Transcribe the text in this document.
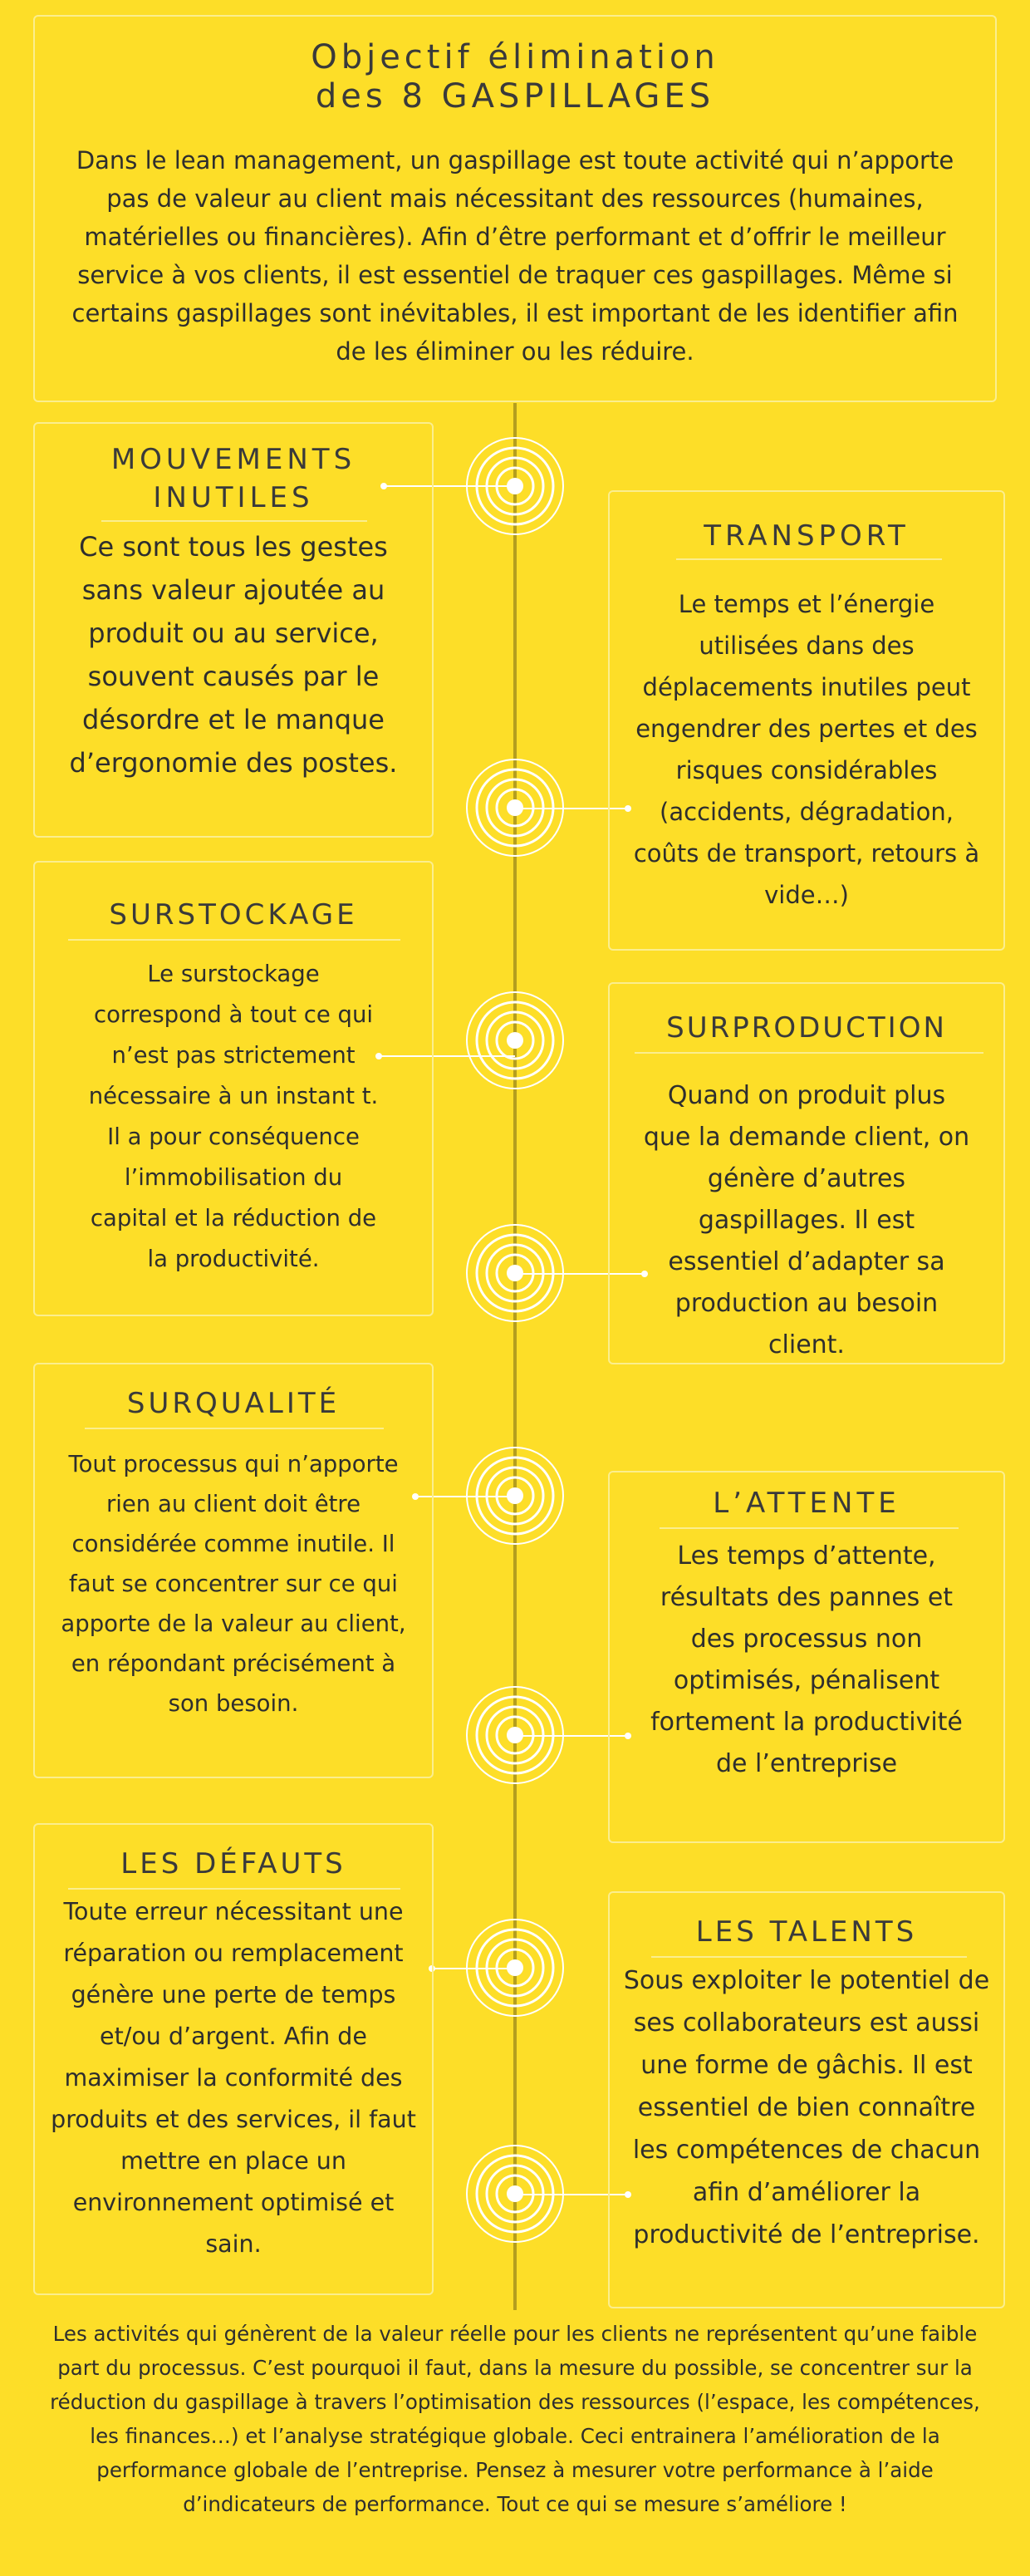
Objectif élimination
des 8 GASPILLAGES
Dans le lean management, un gaspillage est toute activité qui n’apporte pas de valeur au client mais nécessitant des ressources (humaines, matérielles ou financières). Afin d’être performant et d’offrir le meilleur service à vos clients, il est essentiel de traquer ces gaspillages. Même si certains gaspillages sont inévitables, il est important de les identifier afin de les éliminer ou les réduire.
MOUVEMENTS
INUTILES
Ce sont tous les gestes sans valeur ajoutée au produit ou au service, souvent causés par le désordre et le manque d’ergonomie des postes.
TRANSPORT
Le temps et l’énergie utilisées dans des déplacements inutiles peut engendrer des pertes et des risques considérables (accidents, dégradation, coûts de transport, retours à vide…)
SURSTOCKAGE
Le surstockage correspond à tout ce qui n’est pas strictement nécessaire à un instant t. Il a pour conséquence l’immobilisation du capital et la réduction de la productivité.
SURPRODUCTION
Quand on produit plus que la demande client, on génère d’autres gaspillages. Il est essentiel d’adapter sa production au besoin client.
SURQUALITÉ
Tout processus qui n’apporte rien au client doit être considérée comme inutile. Il faut se concentrer sur ce qui apporte de la valeur au client, en répondant précisément à son besoin.
L’ATTENTE
Les temps d’attente, résultats des pannes et des processus non optimisés, pénalisent fortement la productivité de l’entreprise
LES DÉFAUTS
Toute erreur nécessitant une réparation ou remplacement génère une perte de temps et/ou d’argent. Afin de maximiser la conformité des produits et des services, il faut mettre en place un environnement optimisé et sain.
LES TALENTS
Sous exploiter le potentiel de ses collaborateurs est aussi une forme de gâchis. Il est essentiel de bien connaître les compétences de chacun afin d’améliorer la productivité de l’entreprise.
Les activités qui génèrent de la valeur réelle pour les clients ne représentent qu’une faible part du processus. C’est pourquoi il faut, dans la mesure du possible, se concentrer sur la réduction du gaspillage à travers l’optimisation des ressources (l’espace, les compétences, les finances…) et l’analyse stratégique globale. Ceci entrainera l’amélioration de la performance globale de l’entreprise. Pensez à mesurer votre performance à l’aide d’indicateurs de performance. Tout ce qui se mesure s’améliore !
